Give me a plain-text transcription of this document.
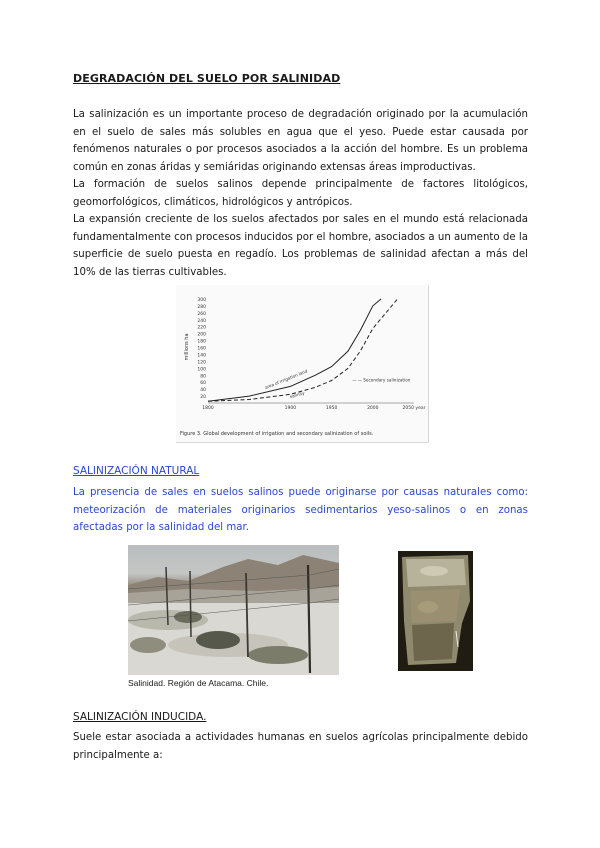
DEGRADACIÓN DEL SUELO POR SALINIDAD
La salinización es un importante proceso de degradación originado por la acumulación en el suelo de sales más solubles en agua que el yeso. Puede estar causada por fenómenos naturales o por procesos asociados a la acción del hombre. Es un problema común en zonas áridas y semiáridas originando extensas áreas improductivas.
La formación de suelos salinos depende principalmente de factores litológicos, geomorfológicos, climáticos, hidrológicos y antrópicos.
La expansión creciente de los suelos afectados por sales en el mundo está relacionada fundamentalmente con procesos inducidos por el hombre, asociados a un aumento de la superficie de suelo puesta en regadío. Los problemas de salinidad afectan a más del 10% de las tierras cultivables.
300
280
260
240
220
200
180
160
140
120
100
80
60
40
20
1800	1900	1950	2000	2050 year
millions ha
area of irrigation land
salinity
— — Secondary salinization
Figure 3. Global development of irrigation and secondary salinization of soils.
SALINIZACIÓN NATURAL
La presencia de sales en suelos salinos puede originarse por causas naturales como: meteorización de materiales originarios sedimentarios yeso-salinos o en zonas afectadas por la salinidad del mar.
Salinidad. Región de Atacama. Chile.
SALINIZACIÓN INDUCIDA.
Suele estar asociada a actividades humanas en suelos agrícolas principalmente debido principalmente a:
